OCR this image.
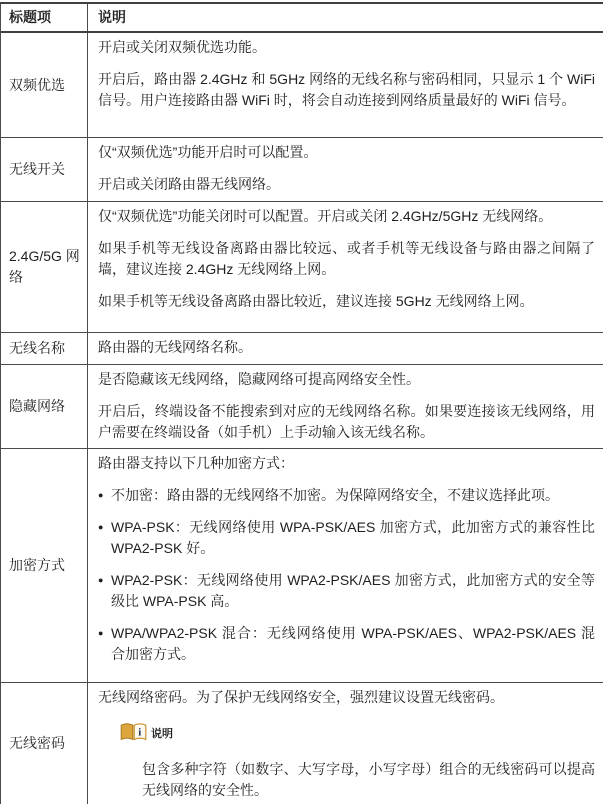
标题项	说明
双频优选

开启或关闭双频优选功能。

开启后，路由器 2.4GHz 和 5GHz 网络的无线名称与密码相同，只显示 1 个 WiFi 信号。用户连接路由器 WiFi 时，将会自动连接到网络质量最好的 WiFi 信号。

无线开关

仅“双频优选”功能开启时可以配置。

开启或关闭路由器无线网络。

2.4G/5G 网络

仅“双频优选”功能关闭时可以配置。开启或关闭 2.4GHz/5GHz 无线网络。

如果手机等无线设备离路由器比较远、或者手机等无线设备与路由器之间隔了墙，建议连接 2.4GHz 无线网络上网。

如果手机等无线设备离路由器比较近，建议连接 5GHz 无线网络上网。

无线名称	路由器的无线网络名称。

隐藏网络

是否隐藏该无线网络，隐藏网络可提高网络安全性。

开启后，终端设备不能搜索到对应的无线网络名称。如果要连接该无线网络，用户需要在终端设备（如手机）上手动输入该无线名称。

加密方式

路由器支持以下几种加密方式：

● 不加密：路由器的无线网络不加密。为保障网络安全，不建议选择此项。
● WPA-PSK：无线网络使用 WPA-PSK/AES 加密方式，此加密方式的兼容性比 WPA2-PSK 好。
● WPA2-PSK：无线网络使用 WPA2-PSK/AES 加密方式，此加密方式的安全等级比 WPA-PSK 高。
● WPA/WPA2-PSK 混合：无线网络使用 WPA-PSK/AES、WPA2-PSK/AES 混合加密方式。
无线密码

无线网络密码。为了保护无线网络安全，强烈建议设置无线密码。

i 说明

包含多种字符（如数字、大写字母，小写字母）组合的无线密码可以提高无线网络的安全性。
